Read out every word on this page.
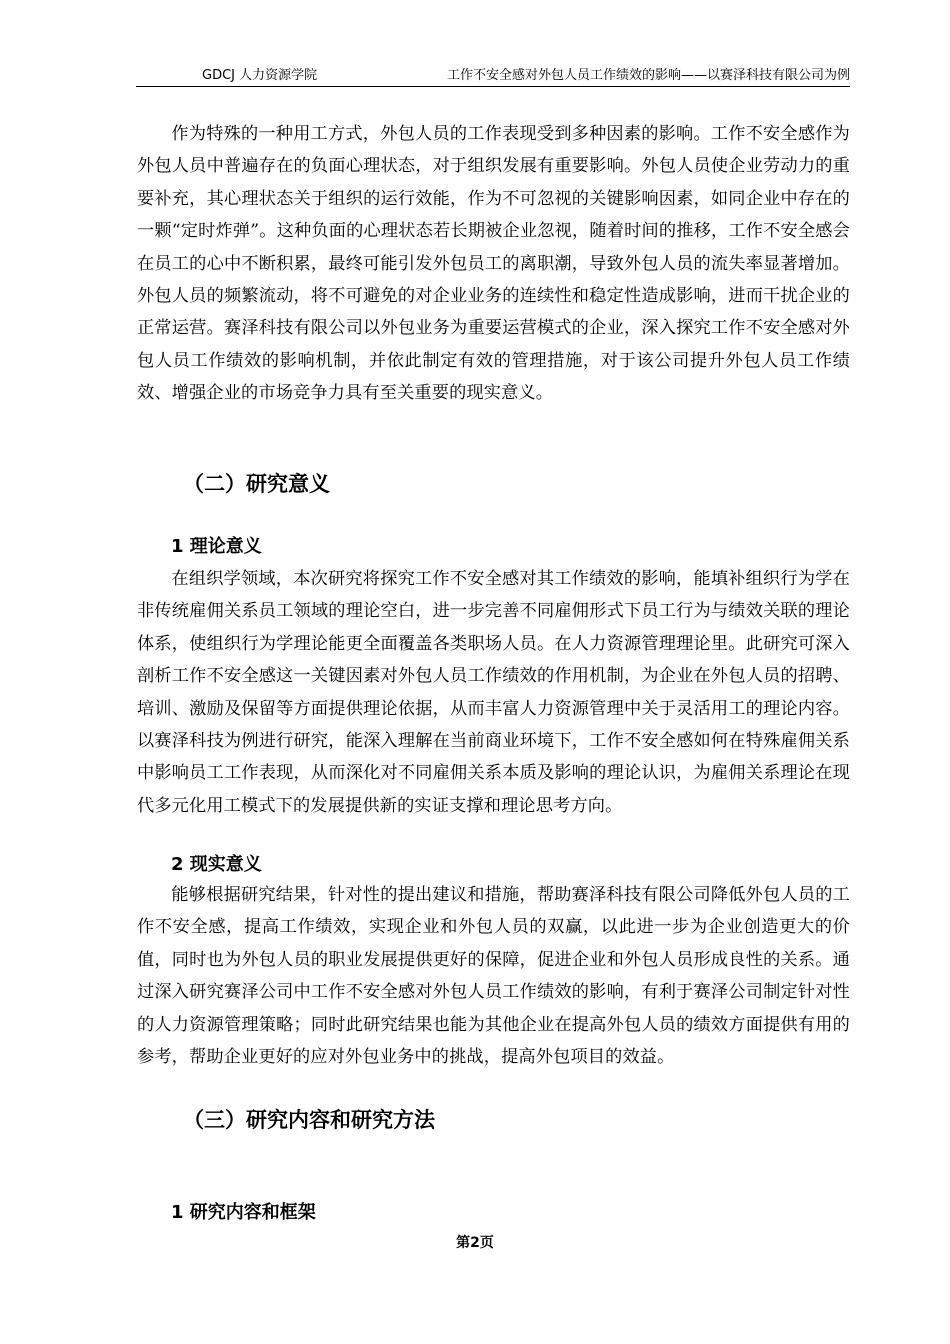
GDCJ 人力资源学院	工作不安全感对外包人员工作绩效的影响——以赛泽科技有限公司为例

作为特殊的一种用工方式，外包人员的工作表现受到多种因素的影响。工作不安全感作为外包人员中普遍存在的负面心理状态，对于组织发展有重要影响。外包人员使企业劳动力的重要补充，其心理状态关于组织的运行效能，作为不可忽视的关键影响因素，如同企业中存在的一颗“定时炸弹”。这种负面的心理状态若长期被企业忽视，随着时间的推移，工作不安全感会在员工的心中不断积累，最终可能引发外包员工的离职潮，导致外包人员的流失率显著增加。外包人员的频繁流动，将不可避免的对企业业务的连续性和稳定性造成影响，进而干扰企业的正常运营。赛泽科技有限公司以外包业务为重要运营模式的企业，深入探究工作不安全感对外包人员工作绩效的影响机制，并依此制定有效的管理措施，对于该公司提升外包人员工作绩效、增强企业的市场竞争力具有至关重要的现实意义。

（二）研究意义
1 理论意义

在组织学领域，本次研究将探究工作不安全感对其工作绩效的影响，能填补组织行为学在非传统雇佣关系员工领域的理论空白，进一步完善不同雇佣形式下员工行为与绩效关联的理论体系，使组织行为学理论能更全面覆盖各类职场人员。在人力资源管理理论里。此研究可深入剖析工作不安全感这一关键因素对外包人员工作绩效的作用机制，为企业在外包人员的招聘、培训、激励及保留等方面提供理论依据，从而丰富人力资源管理中关于灵活用工的理论内容。以赛泽科技为例进行研究，能深入理解在当前商业环境下，工作不安全感如何在特殊雇佣关系中影响员工工作表现，从而深化对不同雇佣关系本质及影响的理论认识，为雇佣关系理论在现代多元化用工模式下的发展提供新的实证支撑和理论思考方向。

2 现实意义

能够根据研究结果，针对性的提出建议和措施，帮助赛泽科技有限公司降低外包人员的工作不安全感，提高工作绩效，实现企业和外包人员的双赢，以此进一步为企业创造更大的价值，同时也为外包人员的职业发展提供更好的保障，促进企业和外包人员形成良性的关系。通过深入研究赛泽公司中工作不安全感对外包人员工作绩效的影响，有利于赛泽公司制定针对性的人力资源管理策略；同时此研究结果也能为其他企业在提高外包人员的绩效方面提供有用的参考，帮助企业更好的应对外包业务中的挑战，提高外包项目的效益。

（三）研究内容和研究方法
1 研究内容和框架
第2页
